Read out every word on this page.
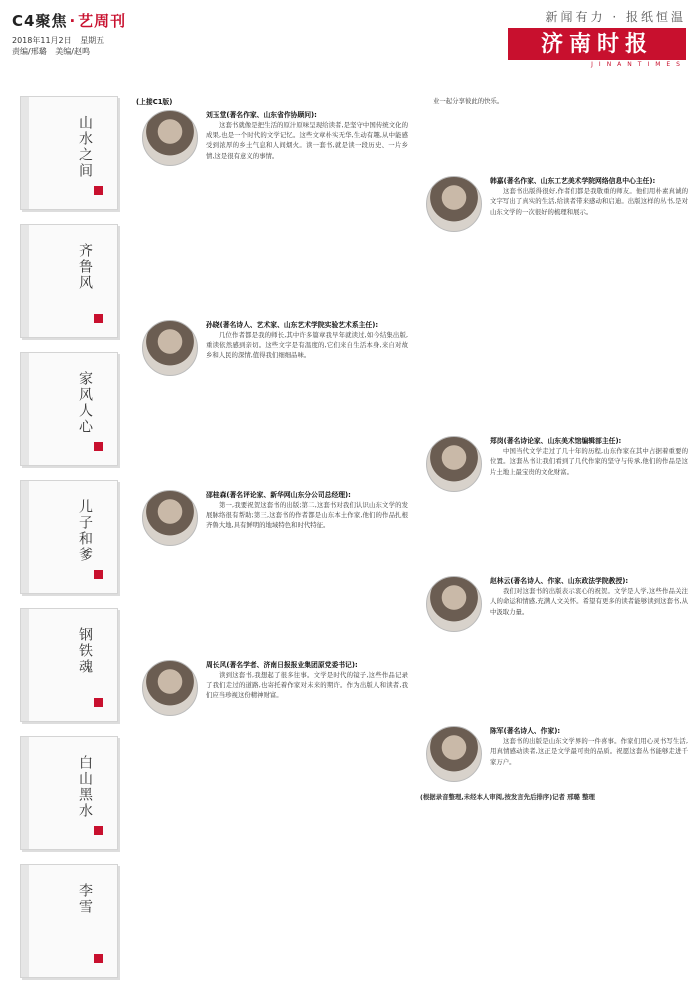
C4聚焦 · 艺周刊
2018年11月2日 星期五
责编/邢璐 美编/赵鸣
新闻有力 · 报纸恒温
济南时报
JINANTIMES
山水之间
齐鲁风
家风人心
儿子和爹
钢铁魂
白山黑水
李雪
(上接C1版)
刘玉堂(著名作家、山东省作协顾问):

这套书就像是把生活的原汁原味呈现给读者,是坚守中国传统文化的成果,也是一个时代的文学记忆。这些文章朴实无华,生动有趣,从中能感受到浓厚的乡土气息和人间烟火。读一套书,就是读一段历史、一片乡情,这是很有意义的事情。

孙晓(著名诗人、艺术家、山东艺术学院实验艺术系主任):

几位作者都是我的师长,其中许多篇章我早年就读过,如今结集出版,重读依然感到亲切。这些文字是有温度的,它们来自生活本身,来自对故乡和人民的深情,值得我们细细品味。

邵桂森(著名评论家、新华网山东分公司总经理):

第一,我要祝贺这套书的出版;第二,这套书对我们认识山东文学的发展脉络很有帮助;第三,这套书的作者都是山东本土作家,他们的作品扎根齐鲁大地,具有鲜明的地域特色和时代特征。

周长风(著名学者、济南日报报业集团原党委书记):

读到这套书,我想起了很多往事。文学是时代的镜子,这些作品记录了我们走过的道路,也寄托着作家对未来的期许。作为出版人和读者,我们应当珍视这份精神财富。

业一起分享彼此的快乐。

韩嘉(著名作家、山东工艺美术学院网络信息中心主任):

这套书出版得很好,作者们都是我敬重的师友。他们用朴素真诚的文字写出了真实的生活,给读者带来感动和启迪。出版这样的丛书,是对山东文学的一次很好的梳理和展示。

郑岗(著名诗论家、山东美术馆编辑部主任):

中国当代文学走过了几十年的历程,山东作家在其中占据着重要的位置。这套丛书让我们看到了几代作家的坚守与传承,他们的作品是这片土地上最宝贵的文化财富。

赵林云(著名诗人、作家、山东政法学院教授):

我们对这套书的出版表示衷心的祝贺。文学是人学,这些作品关注人的命运和情感,充满人文关怀。希望有更多的读者能够读到这套书,从中汲取力量。

陈军(著名诗人、作家):

这套书的出版是山东文学界的一件喜事。作家们用心灵书写生活,用真情感动读者,这正是文学最可贵的品质。祝愿这套丛书能够走进千家万户。

(根据录音整理,未经本人审阅,按发言先后排序)记者 邢璐 整理
